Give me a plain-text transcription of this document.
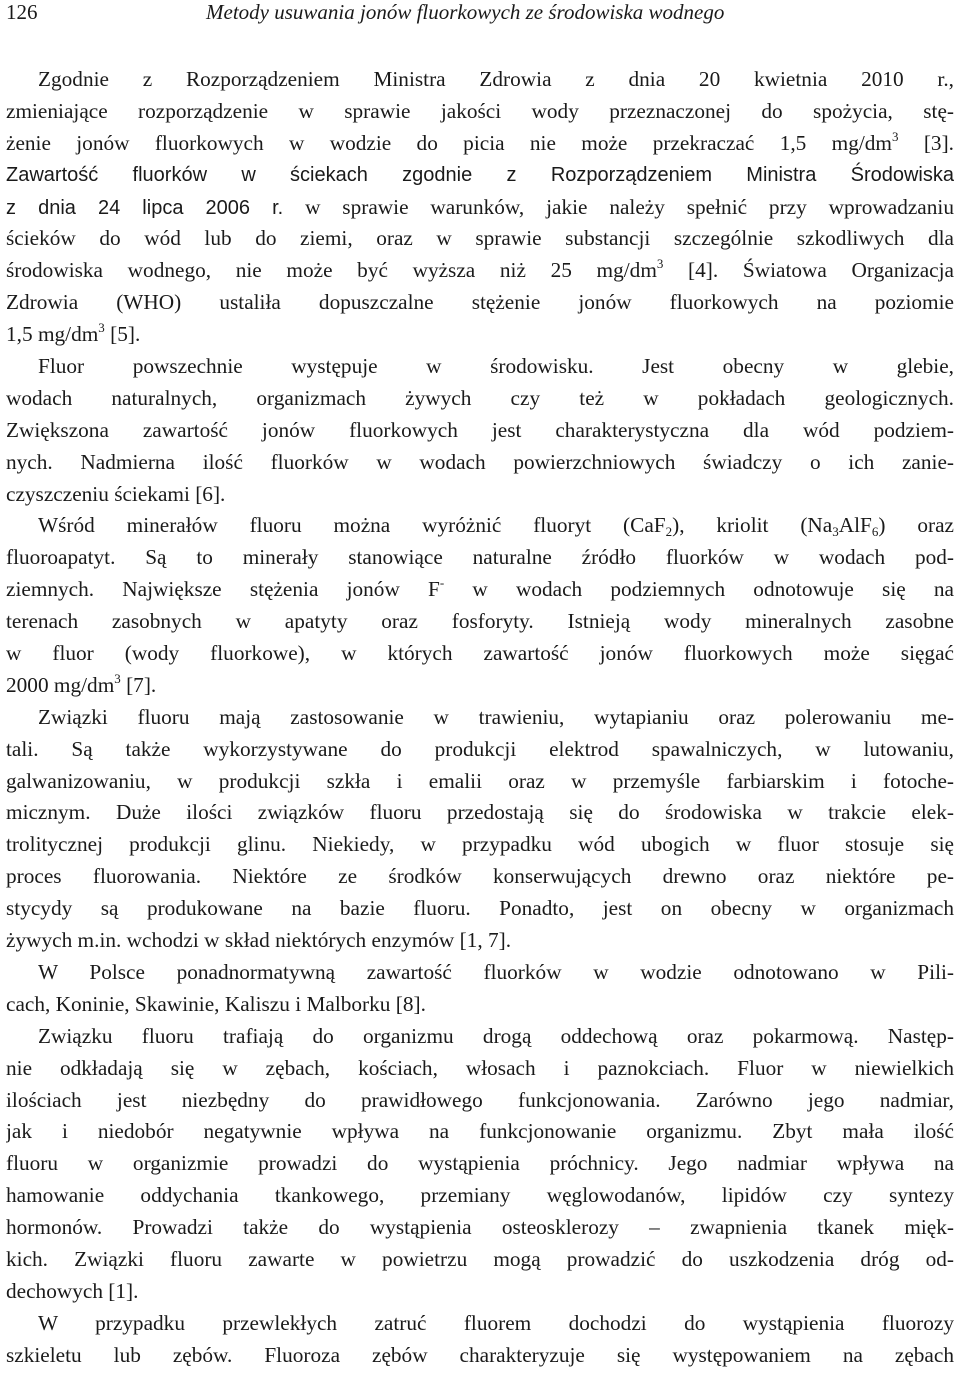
126	Metody usuwania jonów fluorkowych ze środowiska wodnego
Zgodnie z Rozporządzeniem Ministra Zdrowia z dnia 20 kwietnia 2010 r.,
zmieniające rozporządzenie w sprawie jakości wody przeznaczonej do spożycia, stę-
żenie jonów fluorkowych w wodzie do picia nie może przekraczać 1,5 $mg/dm^3$ [3].
Zawartość fluorków w ściekach zgodnie z Rozporządzeniem Ministra Środowiska
z dnia 24 lipca 2006 r. w sprawie warunków, jakie należy spełnić przy wprowadzaniu
ścieków do wód lub do ziemi, oraz w sprawie substancji szczególnie szkodliwych dla
środowiska wodnego, nie może być wyższa niż 25 $mg/dm^3$ [4]. Światowa Organizacja
Zdrowia (WHO) ustaliła dopuszczalne stężenie jonów fluorkowych na poziomie
1,5 $mg/dm^3$ [5].
Fluor powszechnie występuje w środowisku. Jest obecny w glebie,
wodach naturalnych, organizmach żywych czy też w pokładach geologicznych.
Zwiększona zawartość jonów fluorkowych jest charakterystyczna dla wód podziem-
nych. Nadmierna ilość fluorków w wodach powierzchniowych świadczy o ich zanie-
czyszczeniu ściekami [6].
Wśród minerałów fluoru można wyróżnić fluoryt (CaF$_2$), kriolit $(Na_3AlF_6)$ oraz
fluoroapatyt. Są to minerały stanowiące naturalne źródło fluorków w wodach pod-
ziemnych. Największe stężenia jonów F- w wodach podziemnych odnotowuje się na
terenach zasobnych w apatyty oraz fosforyty. Istnieją wody mineralnych zasobne
w fluor (wody fluorkowe), w których zawartość jonów fluorkowych może sięgać
2000 $mg/dm^3$ [7].
Związki fluoru mają zastosowanie w trawieniu, wytapianiu oraz polerowaniu me-
tali. Są także wykorzystywane do produkcji elektrod spawalniczych, w lutowaniu,
galwanizowaniu, w produkcji szkła i emalii oraz w przemyśle farbiarskim i fotoche-
micznym. Duże ilości związków fluoru przedostają się do środowiska w trakcie elek-
trolitycznej produkcji glinu. Niekiedy, w przypadku wód ubogich w fluor stosuje się
proces fluorowania. Niektóre ze środków konserwujących drewno oraz niektóre pe-
stycydy są produkowane na bazie fluoru. Ponadto, jest on obecny w organizmach
żywych m.in. wchodzi w skład niektórych enzymów [1, 7].
W Polsce ponadnormatywną zawartość fluorków w wodzie odnotowano w Pili-
cach, Koninie, Skawinie, Kaliszu i Malborku [8].
Związku fluoru trafiają do organizmu drogą oddechową oraz pokarmową. Następ-
nie odkładają się w zębach, kościach, włosach i paznokciach. Fluor w niewielkich
ilościach jest niezbędny do prawidłowego funkcjonowania. Zarówno jego nadmiar,
jak i niedobór negatywnie wpływa na funkcjonowanie organizmu. Zbyt mała ilość
fluoru w organizmie prowadzi do wystąpienia próchnicy. Jego nadmiar wpływa na
hamowanie oddychania tkankowego, przemiany węglowodanów, lipidów czy syntezy
hormonów. Prowadzi także do wystąpienia osteosklerozy – zwapnienia tkanek mięk-
kich. Związki fluoru zawarte w powietrzu mogą prowadzić do uszkodzenia dróg od-
dechowych [1].
W przypadku przewlekłych zatruć fluorem dochodzi do wystąpienia fluorozy
szkieletu lub zębów. Fluoroza zębów charakteryzuje się występowaniem na zębach
